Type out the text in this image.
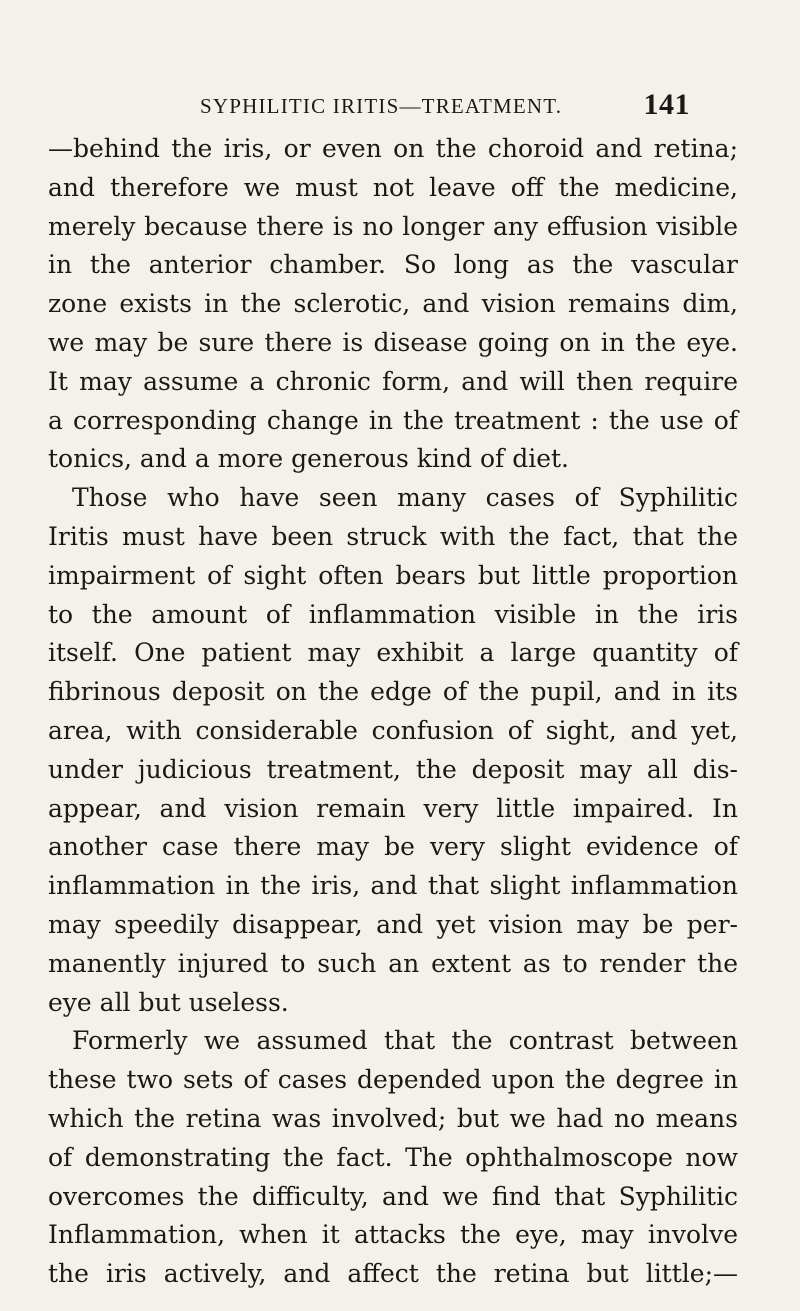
SYPHILITIC IRITIS—TREATMENT.	141
—behind the iris, or even on the choroid and retina;
and therefore we must not leave off the medicine,
merely because there is no longer any effusion visible
in the anterior chamber. So long as the vascular
zone exists in the sclerotic, and vision remains dim,
we may be sure there is disease going on in the eye.
It may assume a chronic form, and will then require
a corresponding change in the treatment : the use of
tonics, and a more generous kind of diet.
Those who have seen many cases of Syphilitic
Iritis must have been struck with the fact, that the
impairment of sight often bears but little proportion
to the amount of inflammation visible in the iris
itself. One patient may exhibit a large quantity of
fibrinous deposit on the edge of the pupil, and in its
area, with considerable confusion of sight, and yet,
under judicious treatment, the deposit may all dis-
appear, and vision remain very little impaired. In
another case there may be very slight evidence of
inflammation in the iris, and that slight inflammation
may speedily disappear, and yet vision may be per-
manently injured to such an extent as to render the
eye all but useless.
Formerly we assumed that the contrast between
these two sets of cases depended upon the degree in
which the retina was involved; but we had no means
of demonstrating the fact. The ophthalmoscope now
overcomes the difficulty, and we find that Syphilitic
Inflammation, when it attacks the eye, may involve
the iris actively, and affect the retina but little;—
